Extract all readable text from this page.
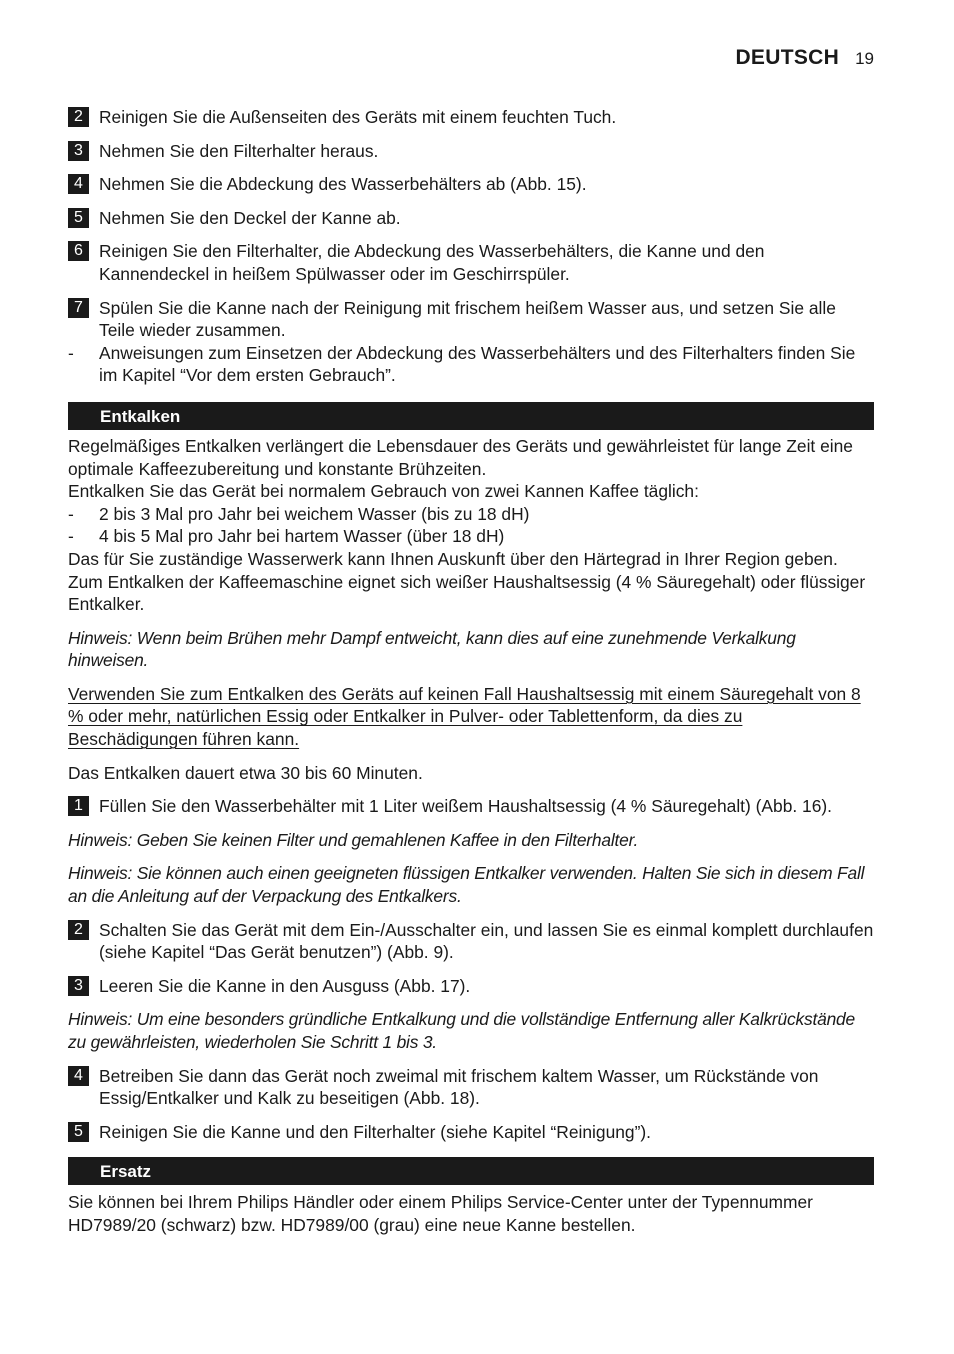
DEUTSCH 19
2 Reinigen Sie die Außenseiten des Geräts mit einem feuchten Tuch.
3 Nehmen Sie den Filterhalter heraus.
4 Nehmen Sie die Abdeckung des Wasserbehälters ab (Abb. 15).
5 Nehmen Sie den Deckel der Kanne ab.
6 Reinigen Sie den Filterhalter, die Abdeckung des Wasserbehälters, die Kanne und den Kannendeckel in heißem Spülwasser oder im Geschirrspüler.
7 Spülen Sie die Kanne nach der Reinigung mit frischem heißem Wasser aus, und setzen Sie alle Teile wieder zusammen.
-	Anweisungen zum Einsetzen der Abdeckung des Wasserbehälters und des Filterhalters finden Sie im Kapitel “Vor dem ersten Gebrauch”.
Entkalken
Regelmäßiges Entkalken verlängert die Lebensdauer des Geräts und gewährleistet für lange Zeit eine optimale Kaffeezubereitung und konstante Brühzeiten.
Entkalken Sie das Gerät bei normalem Gebrauch von zwei Kannen Kaffee täglich:
-	2 bis 3 Mal pro Jahr bei weichem Wasser (bis zu 18 dH)
-	4 bis 5 Mal pro Jahr bei hartem Wasser (über 18 dH)
Das für Sie zuständige Wasserwerk kann Ihnen Auskunft über den Härtegrad in Ihrer Region geben. Zum Entkalken der Kaffeemaschine eignet sich weißer Haushaltsessig (4 % Säuregehalt) oder flüssiger Entkalker.
Hinweis: Wenn beim Brühen mehr Dampf entweicht, kann dies auf eine zunehmende Verkalkung hinweisen.
Verwenden Sie zum Entkalken des Geräts auf keinen Fall Haushaltsessig mit einem Säuregehalt von 8 % oder mehr, natürlichen Essig oder Entkalker in Pulver- oder Tablettenform, da dies zu Beschädigungen führen kann.
Das Entkalken dauert etwa 30 bis 60 Minuten.
1 Füllen Sie den Wasserbehälter mit 1 Liter weißem Haushaltsessig (4 % Säuregehalt) (Abb. 16).
Hinweis: Geben Sie keinen Filter und gemahlenen Kaffee in den Filterhalter.
Hinweis: Sie können auch einen geeigneten flüssigen Entkalker verwenden. Halten Sie sich in diesem Fall an die Anleitung auf der Verpackung des Entkalkers.
2 Schalten Sie das Gerät mit dem Ein-/Ausschalter ein, und lassen Sie es einmal komplett durchlaufen (siehe Kapitel “Das Gerät benutzen”) (Abb. 9).
3 Leeren Sie die Kanne in den Ausguss (Abb. 17).
Hinweis: Um eine besonders gründliche Entkalkung und die vollständige Entfernung aller Kalkrückstände zu gewährleisten, wiederholen Sie Schritt 1 bis 3.
4 Betreiben Sie dann das Gerät noch zweimal mit frischem kaltem Wasser, um Rückstände von Essig/Entkalker und Kalk zu beseitigen (Abb. 18).
5 Reinigen Sie die Kanne und den Filterhalter (siehe Kapitel “Reinigung”).
Ersatz
Sie können bei Ihrem Philips Händler oder einem Philips Service-Center unter der Typennummer HD7989/20 (schwarz) bzw. HD7989/00 (grau) eine neue Kanne bestellen.
